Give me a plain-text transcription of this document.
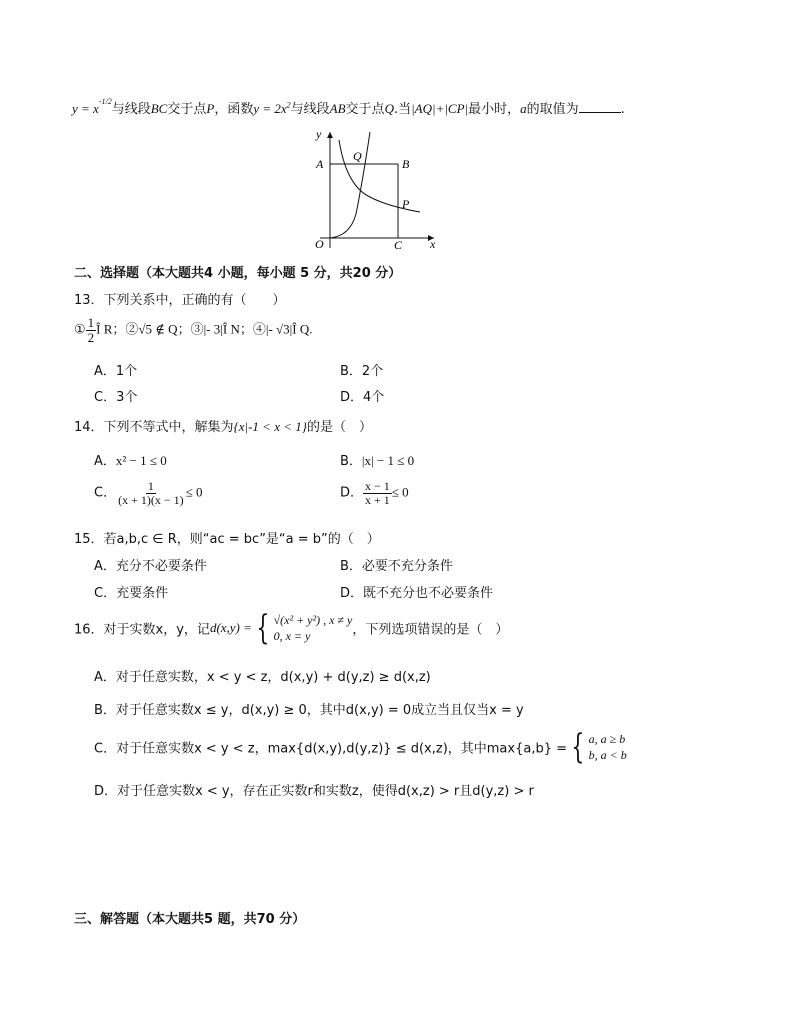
$y = x^{-1/2}$与线段BC交于点P，函数$y = 2x^2$与线段AB交于点Q.当|AQ|+|CP|最小时，a的取值为	.
y
A
Q
B
P
O	C x
二、选择题（本大题共4 小题，每小题 5 分，共20 分）
13．下列关系中，正确的有（　　）
① $\frac{1}{2}$ Î R；②√5 ∉ Q；③|- 3|Î N；④|- √3|Î Q.
A．1个	B．2个
C．3个	D．4个
14．下列不等式中，解集为{x|-1 < x < 1}的是（　）
A．x² − 1 ≤ 0	B．|x| − 1 ≤ 0
C． $\frac{1}{(x + 1)(x - 1)} \le 0$	D． $\frac{x - 1}{x + 1} \le 0$
15．若a,b,c ∈ R，则“ac = bc”是“a = b”的（　）
A．充分不必要条件	B．必要不充分条件
C．充要条件	D．既不充分也不必要条件
16．对于实数x，y，记d(x,y) = { √(x² + y²) , x ≠ y
0, x = y	，下列选项错误的是（　）
A．对于任意实数，x < y < z，d(x,y) + d(y,z) ≥ d(x,z)
B．对于任意实数x ≤ y，d(x,y) ≥ 0，其中d(x,y) = 0成立当且仅当x = y
C．对于任意实数x < y < z，max{d(x,y),d(y,z)} ≤ d(x,z)，其中max{a,b} = { a, a ≥ b
b, a < b
D．对于任意实数x < y，存在正实数r和实数z，使得d(x,z) > r且d(y,z) > r
三、解答题（本大题共5 题，共70 分）
